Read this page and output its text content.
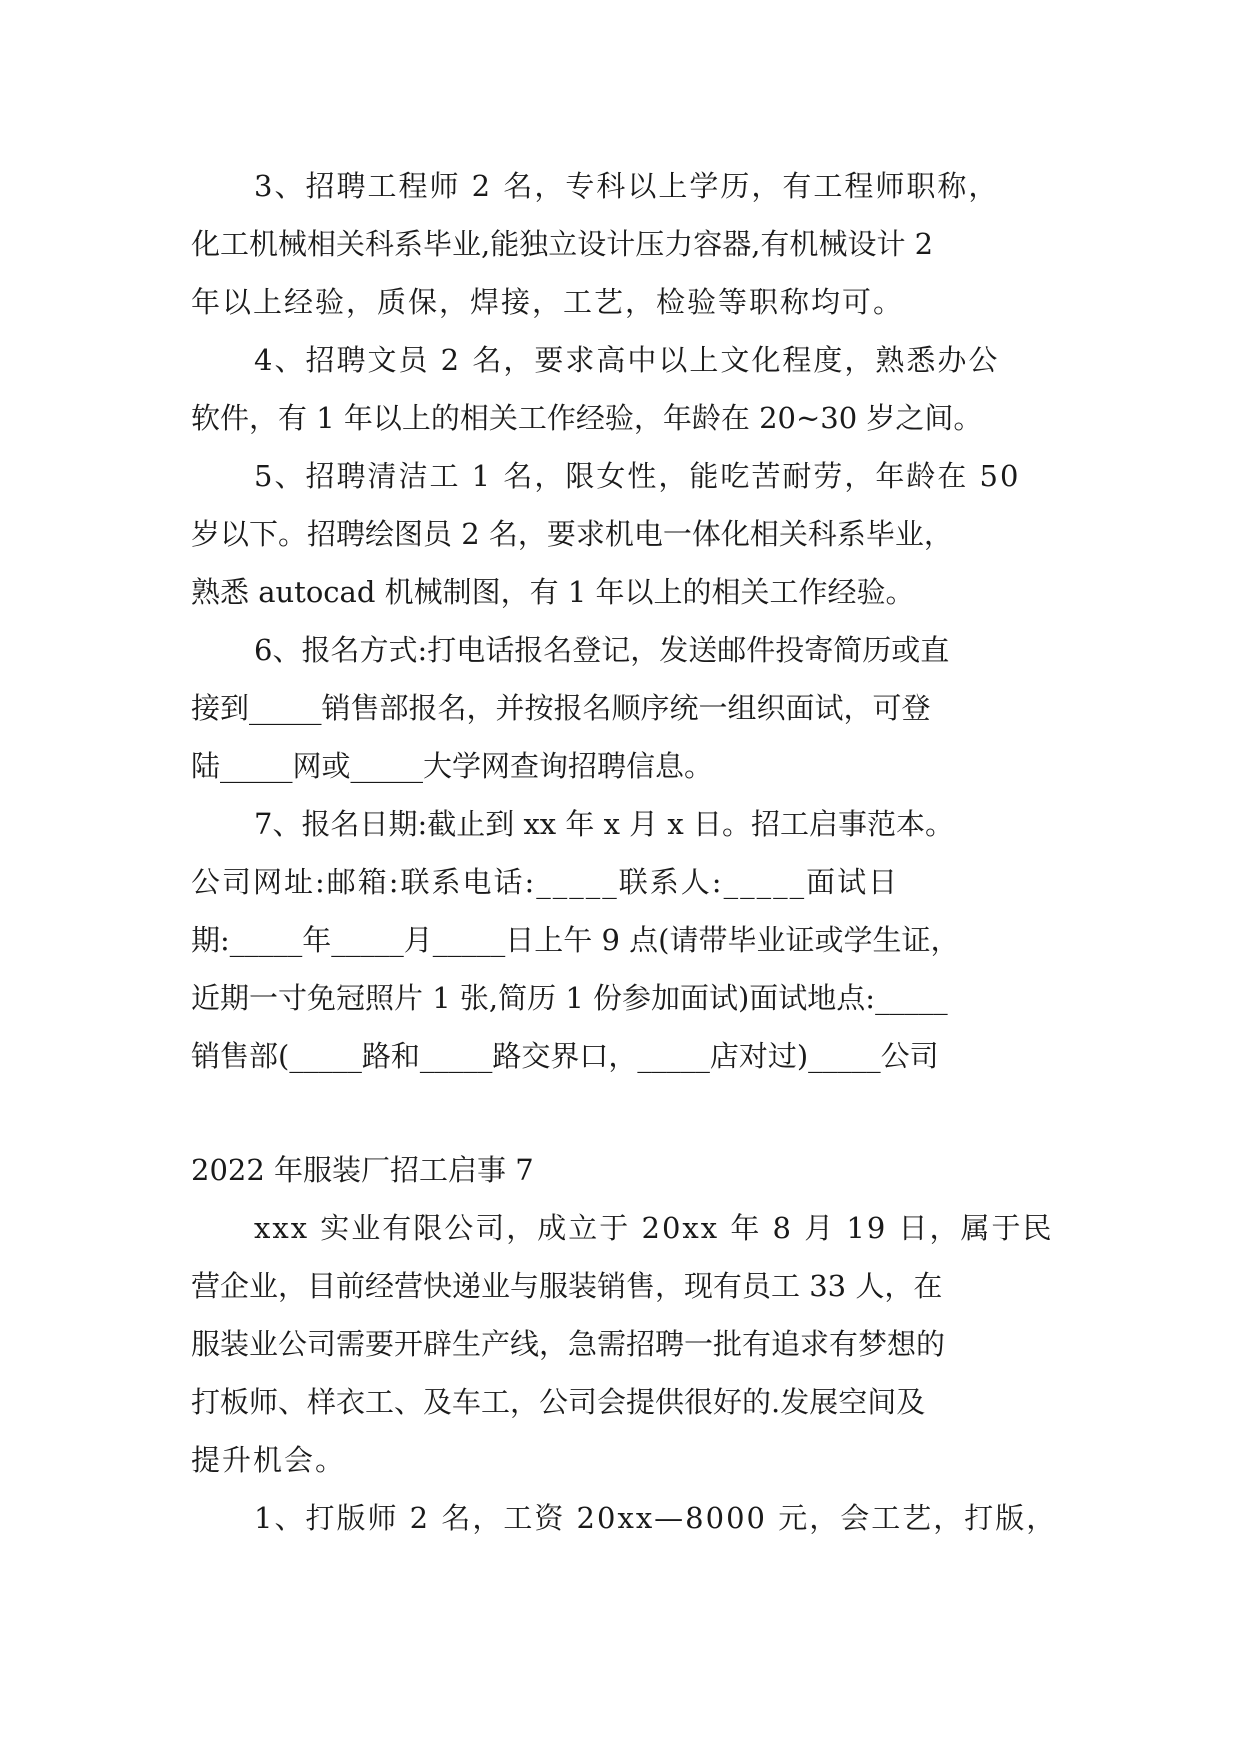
3、招聘工程师 2 名，专科以上学历，有工程师职称，
化工机械相关科系毕业,能独立设计压力容器,有机械设计 2
年以上经验，质保，焊接，工艺，检验等职称均可。
4、招聘文员 2 名，要求高中以上文化程度，熟悉办公
软件，有 1 年以上的相关工作经验，年龄在 20~30 岁之间。
5、招聘清洁工 1 名，限女性，能吃苦耐劳，年龄在 50
岁以下。招聘绘图员 2 名，要求机电一体化相关科系毕业，
熟悉 autocad 机械制图，有 1 年以上的相关工作经验。
6、报名方式:打电话报名登记，发送邮件投寄简历或直
接到_____销售部报名，并按报名顺序统一组织面试，可登
陆_____网或_____大学网查询招聘信息。
7、报名日期:截止到 xx 年 x 月 x 日。招工启事范本。
公司网址:邮箱:联系电话:_____联系人:_____面试日
期:_____年_____月_____日上午 9 点(请带毕业证或学生证，
近期一寸免冠照片 1 张,简历 1 份参加面试)面试地点:_____
销售部(_____路和_____路交界口，_____店对过)_____公司
2022 年服装厂招工启事 7
xxx 实业有限公司，成立于 20xx 年 8 月 19 日，属于民
营企业，目前经营快递业与服装销售，现有员工 33 人，在
服装业公司需要开辟生产线，急需招聘一批有追求有梦想的
打板师、样衣工、及车工，公司会提供很好的.发展空间及
提升机会。
1、打版师 2 名，工资 20xx—8000 元，会工艺，打版，
